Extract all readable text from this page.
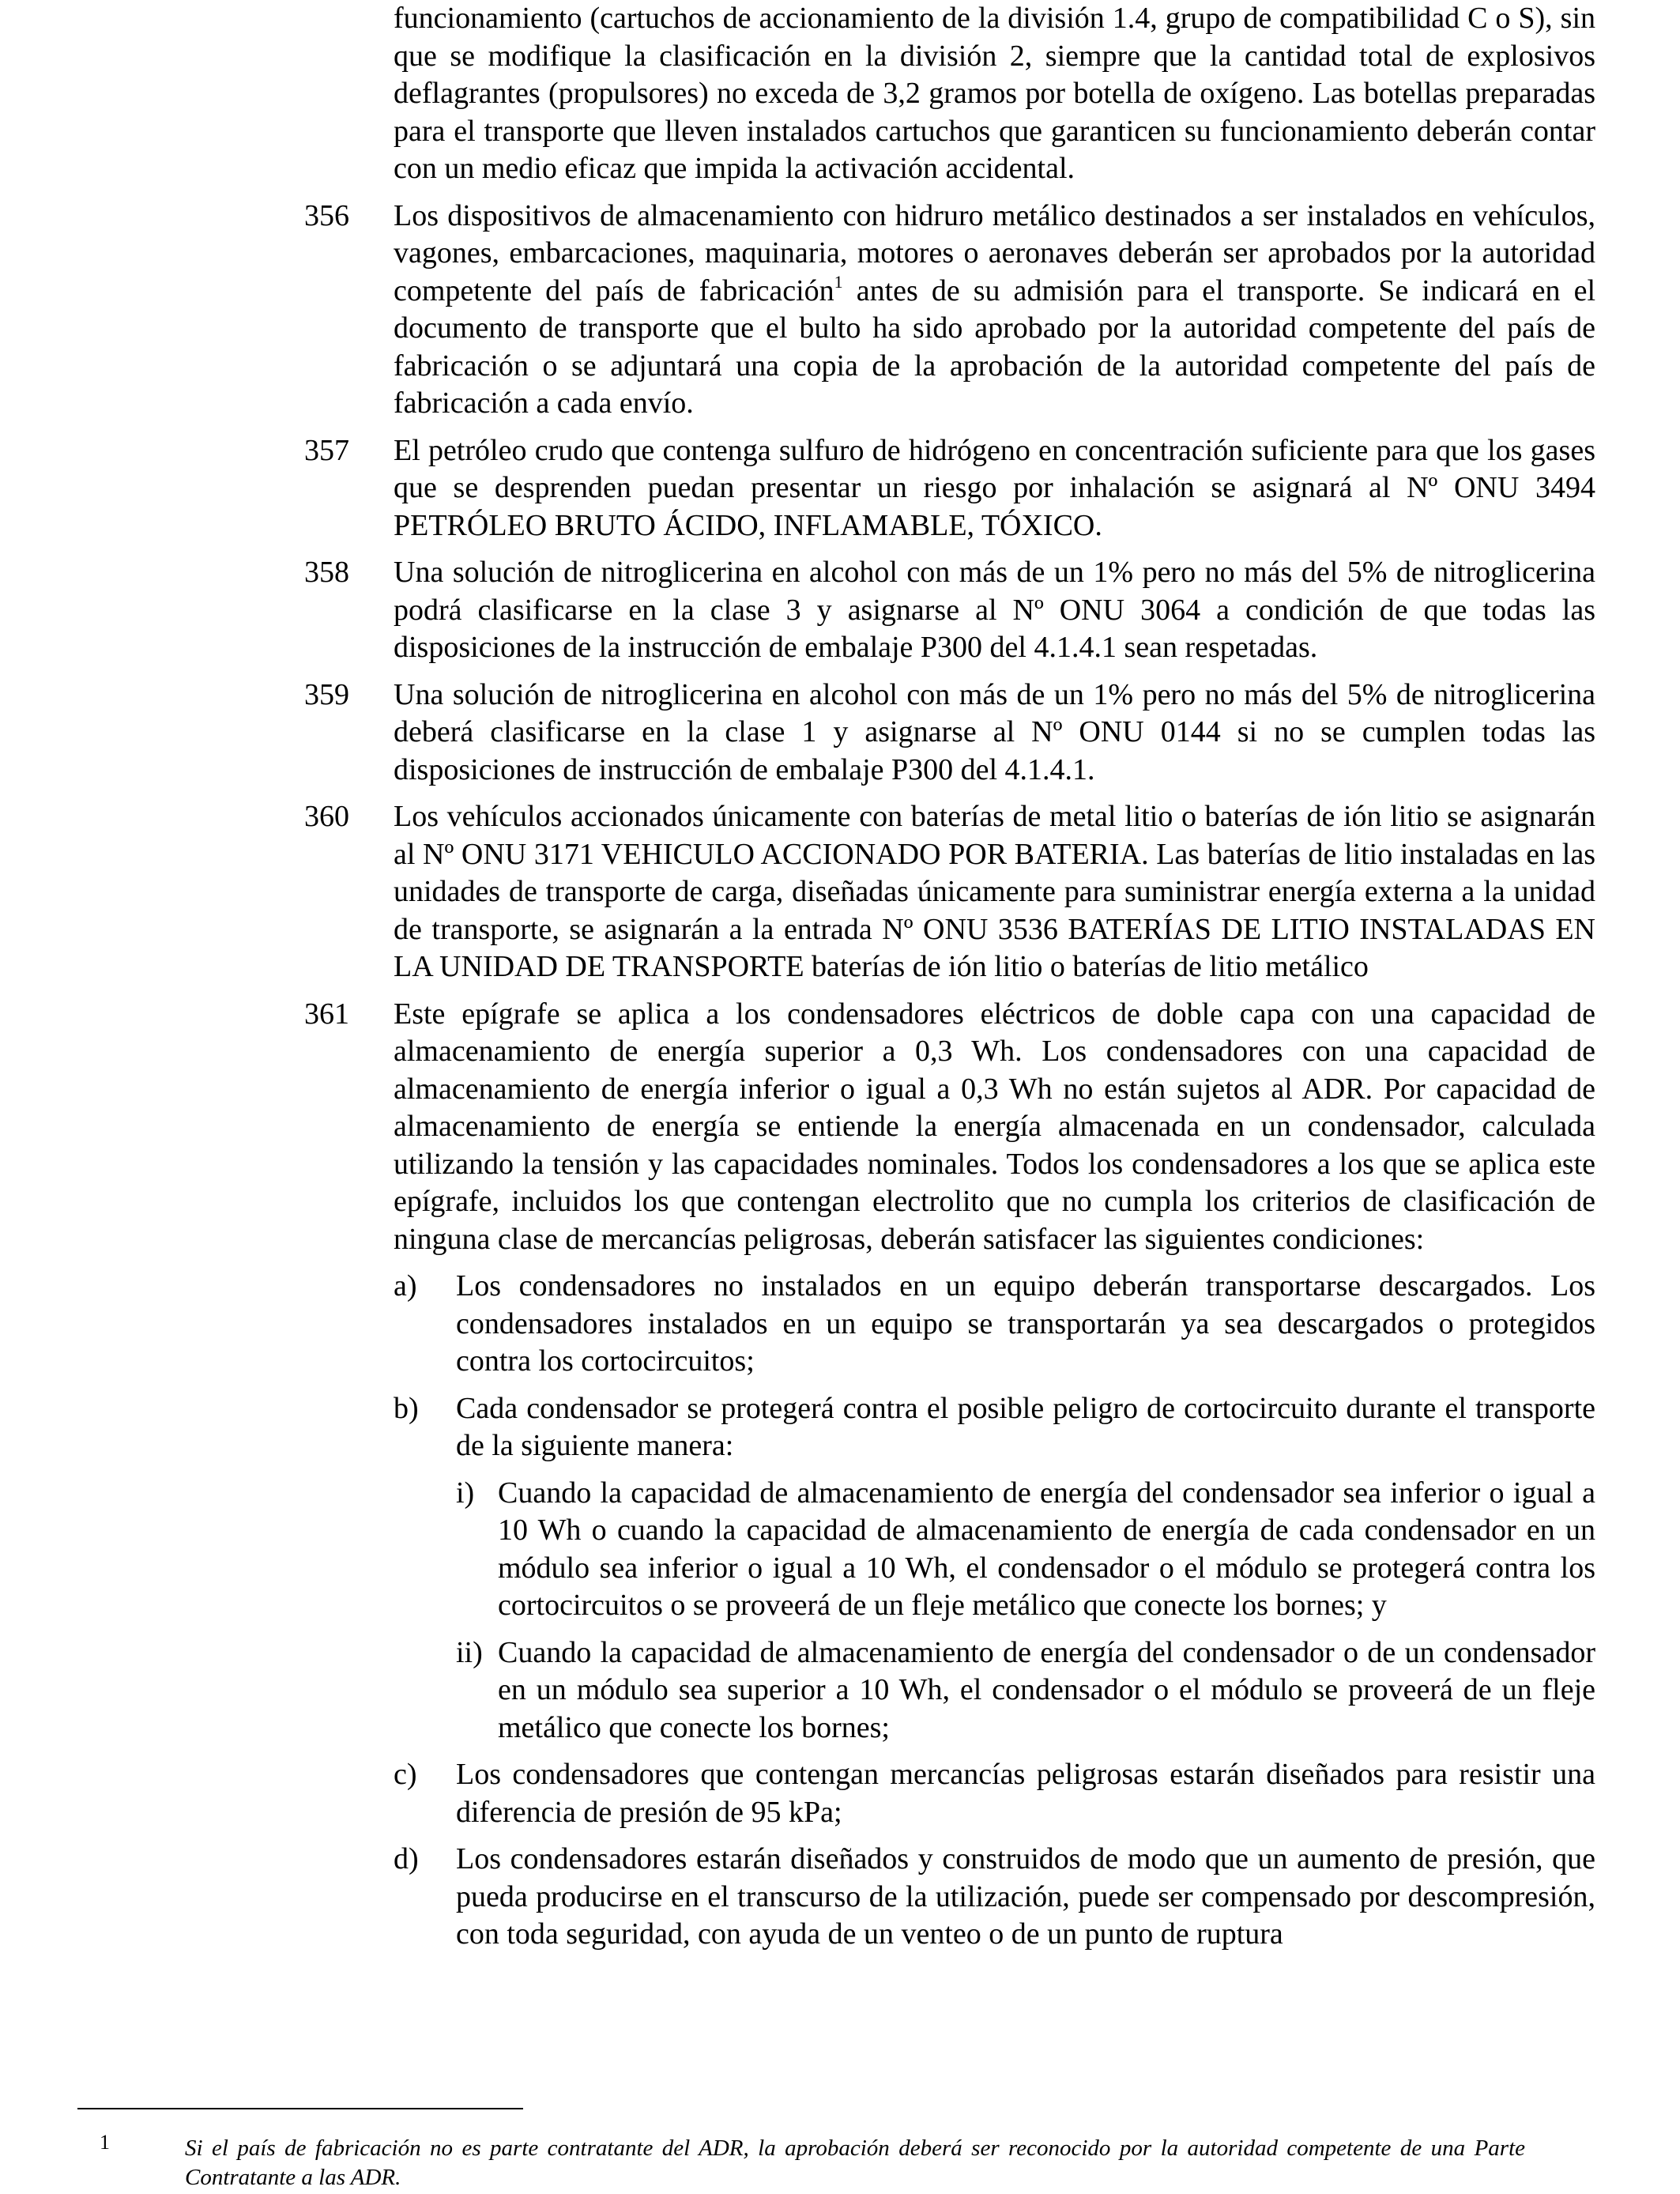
funcionamiento (cartuchos de accionamiento de la división 1.4, grupo de compatibilidad C o S), sin que se modifique la clasificación en la división 2, siempre que la cantidad total de explosivos deflagrantes (propulsores) no exceda de 3,2 gramos por botella de oxígeno. Las botellas preparadas para el transporte que lleven instalados cartuchos que garanticen su funcionamiento deberán contar con un medio eficaz que impida la activación accidental.

356 Los dispositivos de almacenamiento con hidruro metálico destinados a ser instalados en vehículos, vagones, embarcaciones, maquinaria, motores o aeronaves deberán ser aprobados por la autoridad competente del país de fabricación$^1$ antes de su admisión para el transporte. Se indicará en el documento de transporte que el bulto ha sido aprobado por la autoridad competente del país de fabricación o se adjuntará una copia de la aprobación de la autoridad competente del país de fabricación a cada envío.
357 El petróleo crudo que contenga sulfuro de hidrógeno en concentración suficiente para que los gases que se desprenden puedan presentar un riesgo por inhalación se asignará al Nº ONU 3494 PETRÓLEO BRUTO ÁCIDO, INFLAMABLE, TÓXICO.
358 Una solución de nitroglicerina en alcohol con más de un 1% pero no más del 5% de nitroglicerina podrá clasificarse en la clase 3 y asignarse al Nº ONU 3064 a condición de que todas las disposiciones de la instrucción de embalaje P300 del 4.1.4.1 sean respetadas.
359 Una solución de nitroglicerina en alcohol con más de un 1% pero no más del 5% de nitroglicerina deberá clasificarse en la clase 1 y asignarse al Nº ONU 0144 si no se cumplen todas las disposiciones de instrucción de embalaje P300 del 4.1.4.1.
360 Los vehículos accionados únicamente con baterías de metal litio o baterías de ión litio se asignarán al Nº ONU 3171 VEHICULO ACCIONADO POR BATERIA. Las baterías de litio instaladas en las unidades de transporte de carga, diseñadas únicamente para suministrar energía externa a la unidad de transporte, se asignarán a la entrada Nº ONU 3536 BATERÍAS DE LITIO INSTALADAS EN LA UNIDAD DE TRANSPORTE baterías de ión litio o baterías de litio metálico
361 Este epígrafe se aplica a los condensadores eléctricos de doble capa con una capacidad de almacenamiento de energía superior a 0,3 Wh. Los condensadores con una capacidad de almacenamiento de energía inferior o igual a 0,3 Wh no están sujetos al ADR. Por capacidad de almacenamiento de energía se entiende la energía almacenada en un condensador, calculada utilizando la tensión y las capacidades nominales. Todos los condensadores a los que se aplica este epígrafe, incluidos los que contengan electrolito que no cumpla los criterios de clasificación de ninguna clase de mercancías peligrosas, deberán satisfacer las siguientes condiciones:
a) Los condensadores no instalados en un equipo deberán transportarse descargados. Los condensadores instalados en un equipo se transportarán ya sea descargados o protegidos contra los cortocircuitos;
b) Cada condensador se protegerá contra el posible peligro de cortocircuito durante el transporte de la siguiente manera:
i) Cuando la capacidad de almacenamiento de energía del condensador sea inferior o igual a 10 Wh o cuando la capacidad de almacenamiento de energía de cada condensador en un módulo sea inferior o igual a 10 Wh, el condensador o el módulo se protegerá contra los cortocircuitos o se proveerá de un fleje metálico que conecte los bornes; y
ii) Cuando la capacidad de almacenamiento de energía del condensador o de un condensador en un módulo sea superior a 10 Wh, el condensador o el módulo se proveerá de un fleje metálico que conecte los bornes;
c) Los condensadores que contengan mercancías peligrosas estarán diseñados para resistir una diferencia de presión de 95 kPa;
d) Los condensadores estarán diseñados y construidos de modo que un aumento de presión, que pueda producirse en el transcurso de la utilización, puede ser compensado por descompresión, con toda seguridad, con ayuda de un venteo o de un punto de ruptura
1	Si el país de fabricación no es parte contratante del ADR, la aprobación deberá ser reconocido por la autoridad competente de una Parte Contratante a las ADR.
